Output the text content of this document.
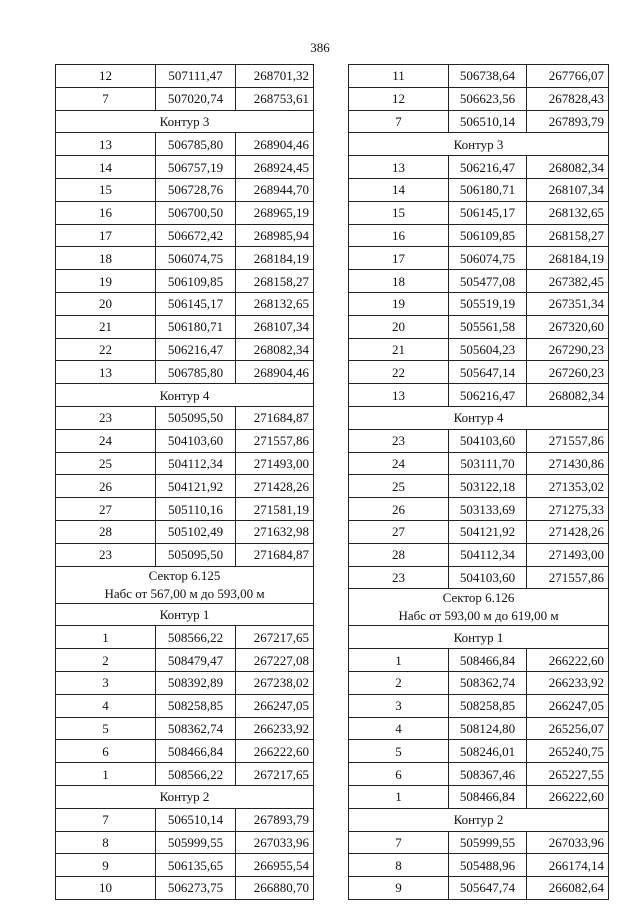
386
12	507111,47	268701,32
7	507020,74	268753,61
Контур 3		
13	506785,80	268904,46
14	506757,19	268924,45
15	506728,76	268944,70
16	506700,50	268965,19
17	506672,42	268985,94
18	506074,75	268184,19
19	506109,85	268158,27
20	506145,17	268132,65
21	506180,71	268107,34
22	506216,47	268082,34
13	506785,80	268904,46
Контур 4		
23	505095,50	271684,87
24	504103,60	271557,86
25	504112,34	271493,00
26	504121,92	271428,26
27	505110,16	271581,19
28	505102,49	271632,98
23	505095,50	271684,87

Сектор 6.125
Hабс от 567,00 м до 593,00 м		

Контур 1		
1	508566,22	267217,65
2	508479,47	267227,08
3	508392,89	267238,02
4	508258,85	266247,05
5	508362,74	266233,92
6	508466,84	266222,60
1	508566,22	267217,65
Контур 2		
7	506510,14	267893,79
8	505999,55	267033,96
9	506135,65	266955,54
10	506273,75	266880,70
11	506738,64	267766,07
12	506623,56	267828,43
7	506510,14	267893,79
Контур 3		
13	506216,47	268082,34
14	506180,71	268107,34
15	506145,17	268132,65
16	506109,85	268158,27
17	506074,75	268184,19
18	505477,08	267382,45
19	505519,19	267351,34
20	505561,58	267320,60
21	505604,23	267290,23
22	505647,14	267260,23
13	506216,47	268082,34
Контур 4		
23	504103,60	271557,86
24	503111,70	271430,86
25	503122,18	271353,02
26	503133,69	271275,33
27	504121,92	271428,26
28	504112,34	271493,00
23	504103,60	271557,86

Сектор 6.126
Hабс от 593,00 м до 619,00 м		

Контур 1		
1	508466,84	266222,60
2	508362,74	266233,92
3	508258,85	266247,05
4	508124,80	265256,07
5	508246,01	265240,75
6	508367,46	265227,55
1	508466,84	266222,60
Контур 2		
7	505999,55	267033,96
8	505488,96	266174,14
9	505647,74	266082,64
